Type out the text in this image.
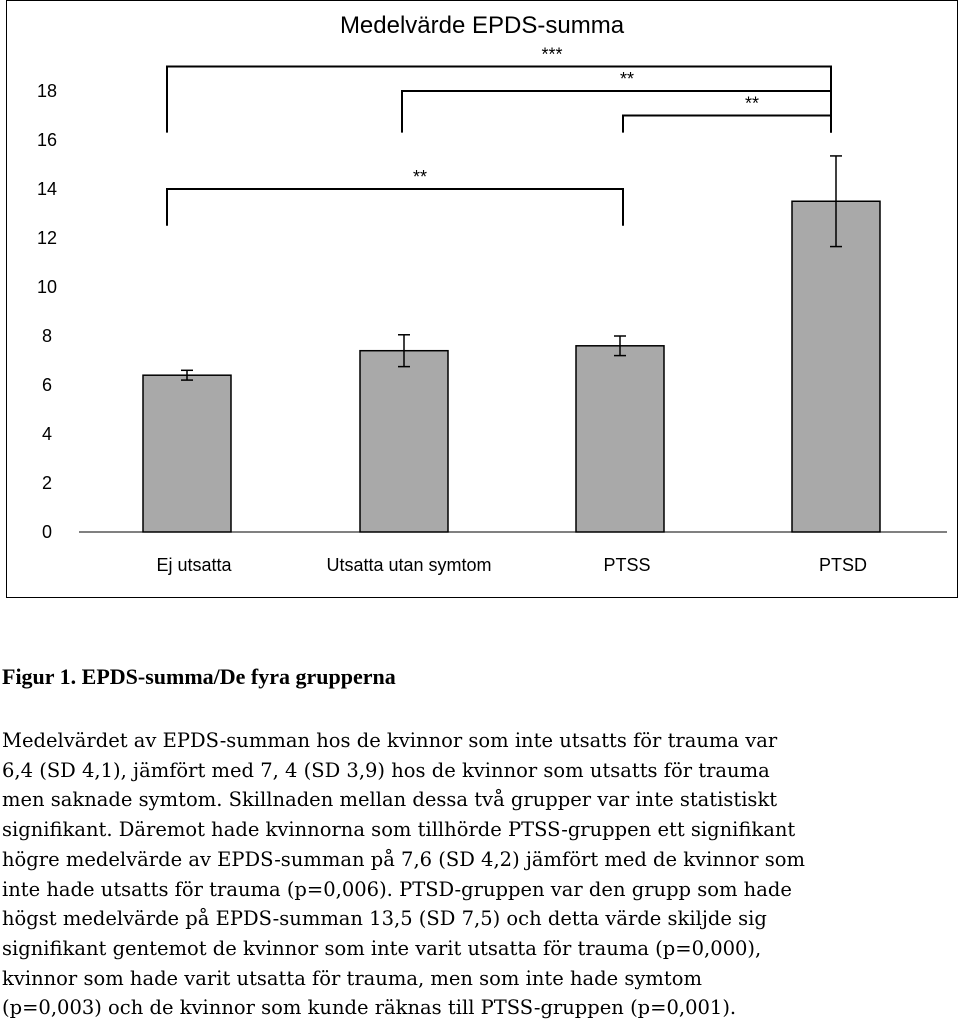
Medelvärde EPDS-summa
0
2
4
6
8
10
12
14
16
18
***
**
**
**
Ej utsatta	Utsatta utan symtom	PTSS	PTSD

Figur 1. EPDS-summa/De fyra grupperna

Medelvärdet av EPDS-summan hos de kvinnor som inte utsatts för trauma var
6,4 (SD 4,1), jämfört med 7, 4 (SD 3,9) hos de kvinnor som utsatts för trauma
men saknade symtom. Skillnaden mellan dessa två grupper var inte statistiskt
signifikant. Däremot hade kvinnorna som tillhörde PTSS-gruppen ett signifikant
högre medelvärde av EPDS-summan på 7,6 (SD 4,2) jämfört med de kvinnor som
inte hade utsatts för trauma (p=0,006). PTSD-gruppen var den grupp som hade
högst medelvärde på EPDS-summan 13,5 (SD 7,5) och detta värde skiljde sig
signifikant gentemot de kvinnor som inte varit utsatta för trauma (p=0,000),
kvinnor som hade varit utsatta för trauma, men som inte hade symtom
(p=0,003) och de kvinnor som kunde räknas till PTSS-gruppen (p=0,001).
